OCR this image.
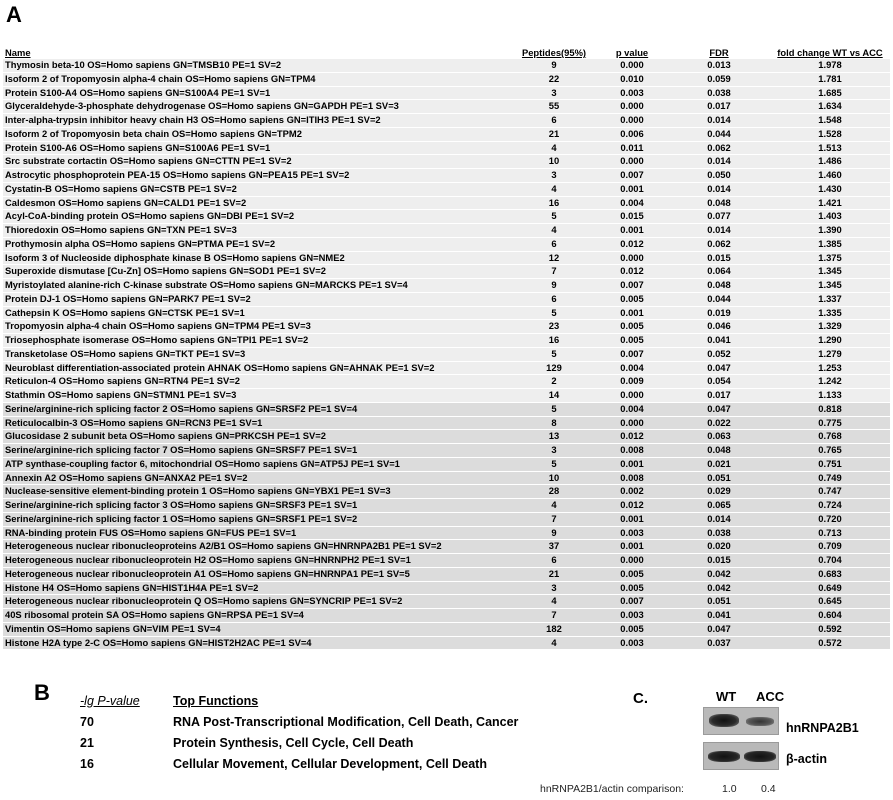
A
Name	Peptides(95%)	p value	FDR	fold change WT vs ACC
Thymosin beta-10 OS=Homo sapiens GN=TMSB10 PE=1 SV=2	9	0.000	0.013	1.978
Isoform 2 of Tropomyosin alpha-4 chain OS=Homo sapiens GN=TPM4	22	0.010	0.059	1.781
Protein S100-A4 OS=Homo sapiens GN=S100A4 PE=1 SV=1	3	0.003	0.038	1.685
Glyceraldehyde-3-phosphate dehydrogenase OS=Homo sapiens GN=GAPDH PE=1 SV=3	55	0.000	0.017	1.634
Inter-alpha-trypsin inhibitor heavy chain H3 OS=Homo sapiens GN=ITIH3 PE=1 SV=2	6	0.000	0.014	1.548
Isoform 2 of Tropomyosin beta chain OS=Homo sapiens GN=TPM2	21	0.006	0.044	1.528
Protein S100-A6 OS=Homo sapiens GN=S100A6 PE=1 SV=1	4	0.011	0.062	1.513
Src substrate cortactin OS=Homo sapiens GN=CTTN PE=1 SV=2	10	0.000	0.014	1.486
Astrocytic phosphoprotein PEA-15 OS=Homo sapiens GN=PEA15 PE=1 SV=2	3	0.007	0.050	1.460
Cystatin-B OS=Homo sapiens GN=CSTB PE=1 SV=2	4	0.001	0.014	1.430
Caldesmon OS=Homo sapiens GN=CALD1 PE=1 SV=2	16	0.004	0.048	1.421
Acyl-CoA-binding protein OS=Homo sapiens GN=DBI PE=1 SV=2	5	0.015	0.077	1.403
Thioredoxin OS=Homo sapiens GN=TXN PE=1 SV=3	4	0.001	0.014	1.390
Prothymosin alpha OS=Homo sapiens GN=PTMA PE=1 SV=2	6	0.012	0.062	1.385
Isoform 3 of Nucleoside diphosphate kinase B OS=Homo sapiens GN=NME2	12	0.000	0.015	1.375
Superoxide dismutase [Cu-Zn] OS=Homo sapiens GN=SOD1 PE=1 SV=2	7	0.012	0.064	1.345
Myristoylated alanine-rich C-kinase substrate OS=Homo sapiens GN=MARCKS PE=1 SV=4	9	0.007	0.048	1.345
Protein DJ-1 OS=Homo sapiens GN=PARK7 PE=1 SV=2	6	0.005	0.044	1.337
Cathepsin K OS=Homo sapiens GN=CTSK PE=1 SV=1	5	0.001	0.019	1.335
Tropomyosin alpha-4 chain OS=Homo sapiens GN=TPM4 PE=1 SV=3	23	0.005	0.046	1.329
Triosephosphate isomerase OS=Homo sapiens GN=TPI1 PE=1 SV=2	16	0.005	0.041	1.290
Transketolase OS=Homo sapiens GN=TKT PE=1 SV=3	5	0.007	0.052	1.279
Neuroblast differentiation-associated protein AHNAK OS=Homo sapiens GN=AHNAK PE=1 SV=2	129	0.004	0.047	1.253
Reticulon-4 OS=Homo sapiens GN=RTN4 PE=1 SV=2	2	0.009	0.054	1.242
Stathmin OS=Homo sapiens GN=STMN1 PE=1 SV=3	14	0.000	0.017	1.133
Serine/arginine-rich splicing factor 2 OS=Homo sapiens GN=SRSF2 PE=1 SV=4	5	0.004	0.047	0.818
Reticulocalbin-3 OS=Homo sapiens GN=RCN3 PE=1 SV=1	8	0.000	0.022	0.775
Glucosidase 2 subunit beta OS=Homo sapiens GN=PRKCSH PE=1 SV=2	13	0.012	0.063	0.768
Serine/arginine-rich splicing factor 7 OS=Homo sapiens GN=SRSF7 PE=1 SV=1	3	0.008	0.048	0.765
ATP synthase-coupling factor 6, mitochondrial OS=Homo sapiens GN=ATP5J PE=1 SV=1	5	0.001	0.021	0.751
Annexin A2 OS=Homo sapiens GN=ANXA2 PE=1 SV=2	10	0.008	0.051	0.749
Nuclease-sensitive element-binding protein 1 OS=Homo sapiens GN=YBX1 PE=1 SV=3	28	0.002	0.029	0.747
Serine/arginine-rich splicing factor 3 OS=Homo sapiens GN=SRSF3 PE=1 SV=1	4	0.012	0.065	0.724
Serine/arginine-rich splicing factor 1 OS=Homo sapiens GN=SRSF1 PE=1 SV=2	7	0.001	0.014	0.720
RNA-binding protein FUS OS=Homo sapiens GN=FUS PE=1 SV=1	9	0.003	0.038	0.713
Heterogeneous nuclear ribonucleoproteins A2/B1 OS=Homo sapiens GN=HNRNPA2B1 PE=1 SV=2	37	0.001	0.020	0.709
Heterogeneous nuclear ribonucleoprotein H2 OS=Homo sapiens GN=HNRNPH2 PE=1 SV=1	6	0.000	0.015	0.704
Heterogeneous nuclear ribonucleoprotein A1 OS=Homo sapiens GN=HNRNPA1 PE=1 SV=5	21	0.005	0.042	0.683
Histone H4 OS=Homo sapiens GN=HIST1H4A PE=1 SV=2	3	0.005	0.042	0.649
Heterogeneous nuclear ribonucleoprotein Q OS=Homo sapiens GN=SYNCRIP PE=1 SV=2	4	0.007	0.051	0.645
40S ribosomal protein SA OS=Homo sapiens GN=RPSA PE=1 SV=4	7	0.003	0.041	0.604
Vimentin OS=Homo sapiens GN=VIM PE=1 SV=4	182	0.005	0.047	0.592
Histone H2A type 2-C OS=Homo sapiens GN=HIST2H2AC PE=1 SV=4	4	0.003	0.037	0.572
B -lg P-value	Top Functions
70	RNA Post-Transcriptional Modification, Cell Death, Cancer
21	Protein Synthesis, Cell Cycle, Cell Death
16	Cellular Movement, Cellular Development, Cell Death
C.	WT ACC
hnRNPA2B1
β-actin
hnRNPA2B1/actin comparison:	1.0 0.4
